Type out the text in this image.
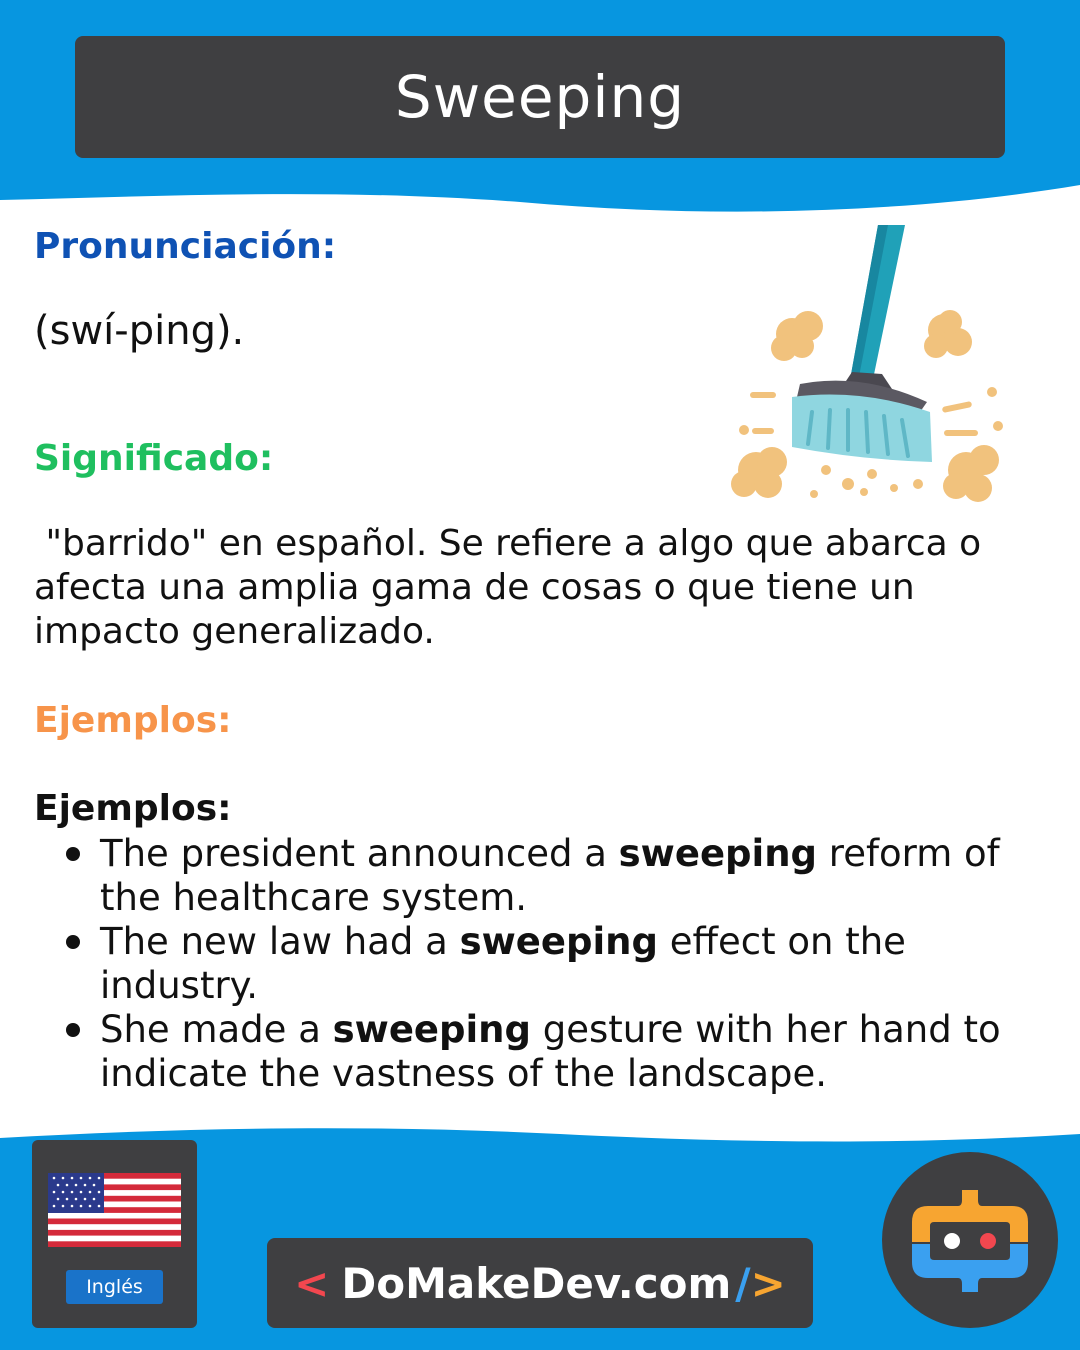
Sweeping
Pronunciación:
(swí-ping).
Significado:
"barrido" en español. Se refiere a algo que abarca o afecta una amplia gama de cosas o que tiene un impacto generalizado.
Ejemplos:
Ejemplos:
The president announced a sweeping reform of the healthcare system.
The new law had a sweeping effect on the industry.
She made a sweeping gesture with her hand to indicate the vastness of the landscape.
Inglés	< DoMakeDev.com / >
